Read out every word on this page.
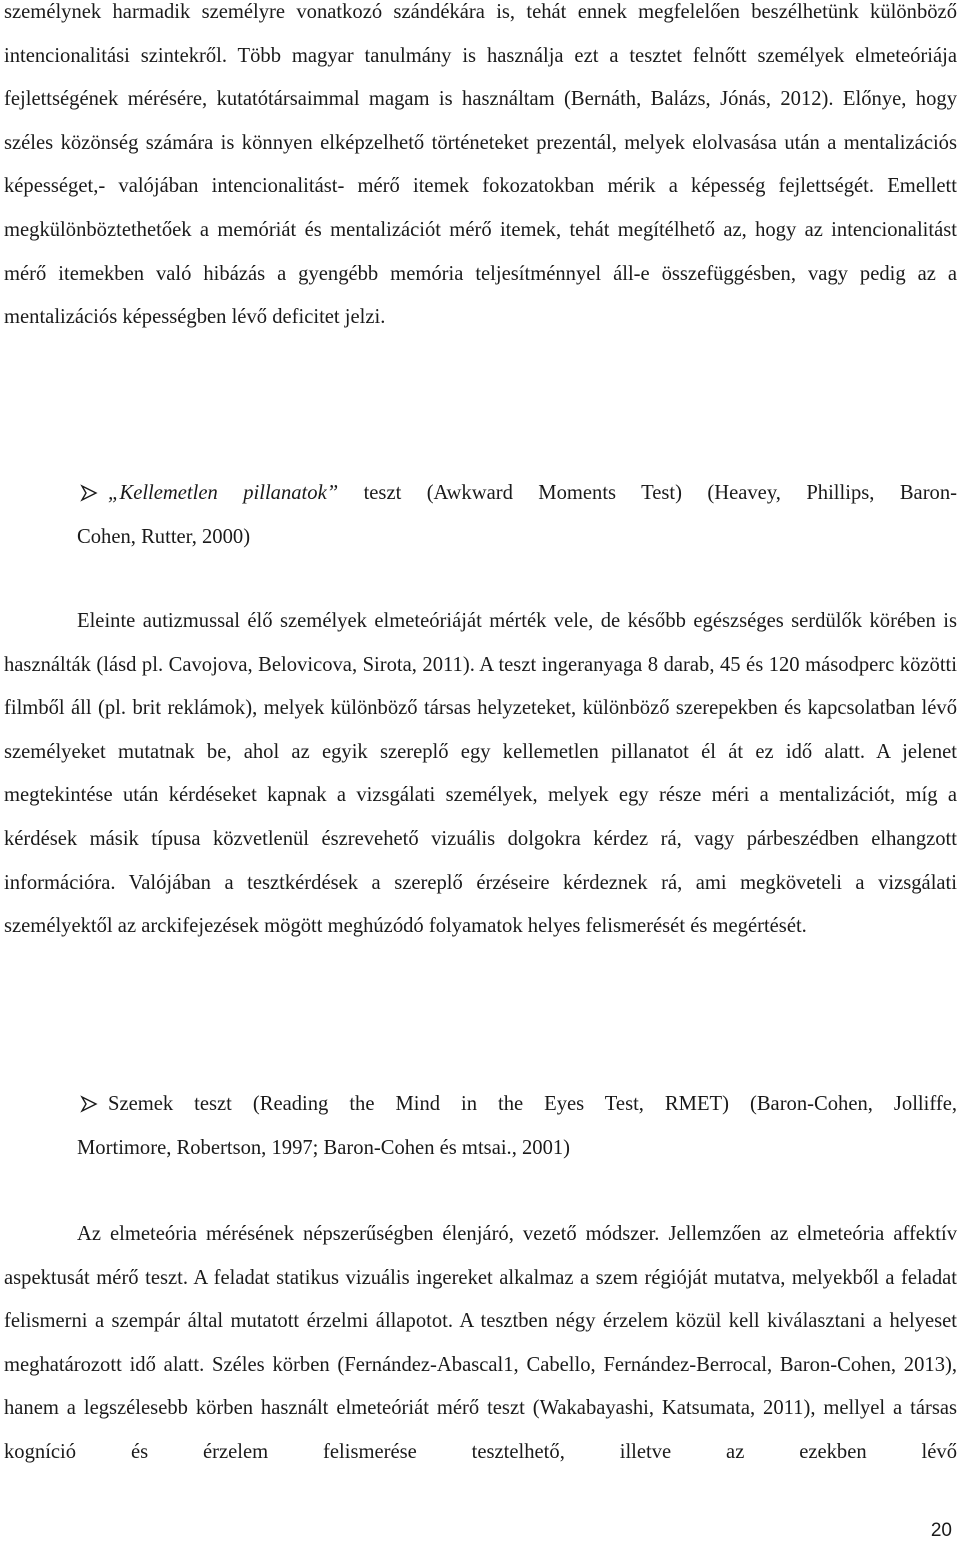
személynek harmadik személyre vonatkozó szándékára is, tehát ennek megfelelően beszélhetünk különböző intencionalitási szintekről. Több magyar tanulmány is használja ezt a tesztet felnőtt személyek elmeteóriája fejlettségének mérésére, kutatótársaimmal magam is használtam (Bernáth, Balázs, Jónás, 2012). Előnye, hogy széles közönség számára is könnyen elképzelhető történeteket prezentál, melyek elolvasása után a mentalizációs képességet,- valójában intencionalitást- mérő itemek fokozatokban mérik a képesség fejlettségét. Emellett megkülönböztethetőek a memóriát és mentalizációt mérő itemek, tehát megítélhető az, hogy az intencionalitást mérő itemekben való hibázás a gyengébb memória teljesítménnyel áll-e összefüggésben, vagy pedig az a mentalizációs képességben lévő deficitet jelzi.

„Kellemetlen pillanatok” teszt (Awkward Moments Test) (Heavey, Phillips, Baron-
Cohen, Rutter, 2000)

Eleinte autizmussal élő személyek elmeteóriáját mérték vele, de később egészséges serdülők körében is használták (lásd pl. Cavojova, Belovicova, Sirota, 2011). A teszt ingeranyaga 8 darab, 45 és 120 másodperc közötti filmből áll (pl. brit reklámok), melyek különböző társas helyzeteket, különböző szerepekben és kapcsolatban lévő személyeket mutatnak be, ahol az egyik szereplő egy kellemetlen pillanatot él át ez idő alatt. A jelenet megtekintése után kérdéseket kapnak a vizsgálati személyek, melyek egy része méri a mentalizációt, míg a kérdések másik típusa közvetlenül észrevehető vizuális dolgokra kérdez rá, vagy párbeszédben elhangzott információra. Valójában a tesztkérdések a szereplő érzéseire kérdeznek rá, ami megköveteli a vizsgálati személyektől az arckifejezések mögött meghúzódó folyamatok helyes felismerését és megértését.

Szemek teszt (Reading the Mind in the Eyes Test, RMET) (Baron-Cohen, Jolliffe,
Mortimore, Robertson, 1997; Baron-Cohen és mtsai., 2001)

Az elmeteória mérésének népszerűségben élenjáró, vezető módszer. Jellemzően az elmeteória affektív aspektusát mérő teszt. A feladat statikus vizuális ingereket alkalmaz a szem régióját mutatva, melyekből a feladat felismerni a szempár által mutatott érzelmi állapotot. A tesztben négy érzelem közül kell kiválasztani a helyeset meghatározott idő alatt. Széles körben (Fernández-Abascal1, Cabello, Fernández-Berrocal, Baron-Cohen, 2013), hanem a legszélesebb körben használt elmeteóriát mérő teszt (Wakabayashi, Katsumata, 2011), mellyel a társas kogníció és érzelem felismerése tesztelhető, illetve az ezekben lévő

20
